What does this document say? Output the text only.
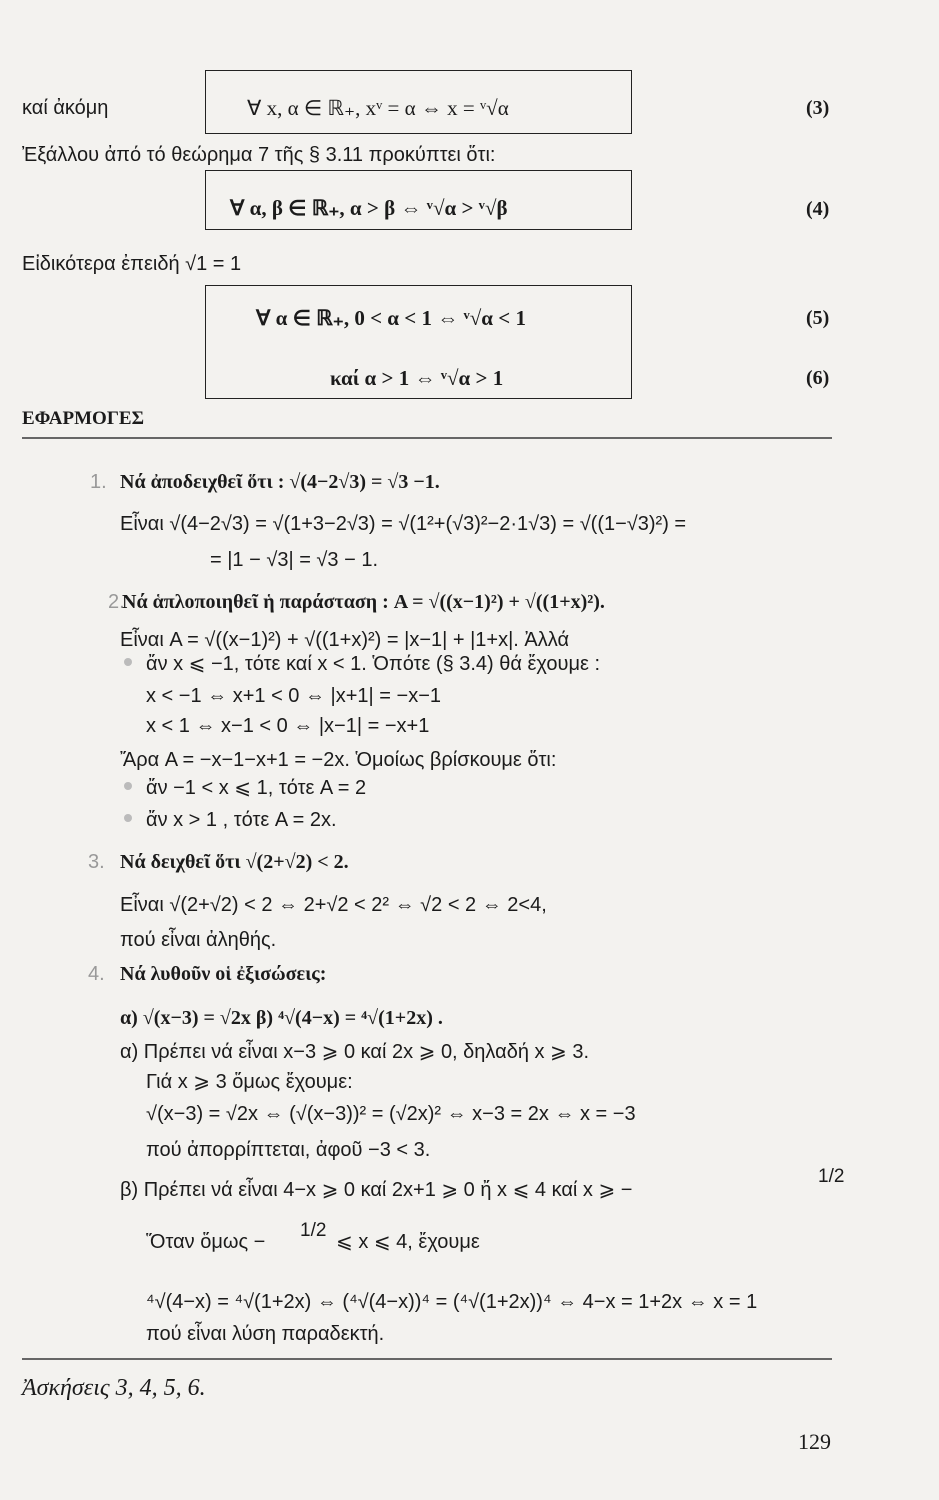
καί ἀκόμη	∀ x, α ∈ ℝ₊, xᵛ = α ⇔ x = ᵛ√α	(3)
Ἐξάλλου ἀπό τό θεώρημα 7 τῆς § 3.11 προκύπτει ὅτι:
∀ α, β ∈ ℝ₊, α > β ⇔ ᵛ√α > ᵛ√β	(4)
Εἰδικότερα ἐπειδή √1 = 1
∀ α ∈ ℝ₊, 0 < α < 1 ⇔ ᵛ√α < 1	(5)
καί α > 1 ⇔ ᵛ√α > 1	(6)
ΕΦΑΡΜΟΓΕΣ
1. Νά ἀποδειχθεῖ ὅτι : √(4−2√3) = √3 −1.
Εἶναι √(4−2√3) = √(1+3−2√3) = √(1²+(√3)²−2·1√3) = √((1−√3)²) =
= |1 − √3| = √3 − 1.
2.
Νά ἁπλοποιηθεῖ ἡ παράσταση : A = √((x−1)²) + √((1+x)²).
Εἶναι A = √((x−1)²) + √((1+x)²) = |x−1| + |1+x|. Ἀλλά
ἄν x ⩽ −1, τότε καί x < 1. Ὁπότε (§ 3.4) θά ἔχουμε :
x < −1 ⇔ x+1 < 0 ⇔ |x+1| = −x−1
x < 1 ⇔ x−1 < 0 ⇔ |x−1| = −x+1
Ἄρα A = −x−1−x+1 = −2x. Ὁμοίως βρίσκουμε ὅτι:
ἄν −1 < x ⩽ 1, τότε A = 2
ἄν x > 1 , τότε A = 2x.
3. Νά δειχθεῖ ὅτι √(2+√2) < 2.
Εἶναι √(2+√2) < 2 ⇔ 2+√2 < 2² ⇔ √2 < 2 ⇔ 2<4,
πού εἶναι ἀληθής.
4. Νά λυθοῦν οἱ ἐξισώσεις:
α) √(x−3) = √2x β) ⁴√(4−x) = ⁴√(1+2x) .
α) Πρέπει νά εἶναι x−3 ⩾ 0 καί 2x ⩾ 0, δηλαδή x ⩾ 3.
Γιά x ⩾ 3 ὅμως ἔχουμε:
√(x−3) = √2x ⇔ (√(x−3))² = (√2x)² ⇔ x−3 = 2x ⇔ x = −3
πού ἀπορρίπτεται, ἀφοῦ −3 < 3.
β) Πρέπει νά εἶναι 4−x ⩾ 0 καί 2x+1 ⩾ 0 ἤ x ⩽ 4 καί x ⩾ −
1/2
Ὅταν ὅμως −
1/2
⩽ x ⩽ 4, ἔχουμε
⁴√(4−x) = ⁴√(1+2x) ⇔ (⁴√(4−x))⁴ = (⁴√(1+2x))⁴ ⇔ 4−x = 1+2x ⇔ x = 1
πού εἶναι λύση παραδεκτή.
Ἀσκήσεις 3, 4, 5, 6.
129
